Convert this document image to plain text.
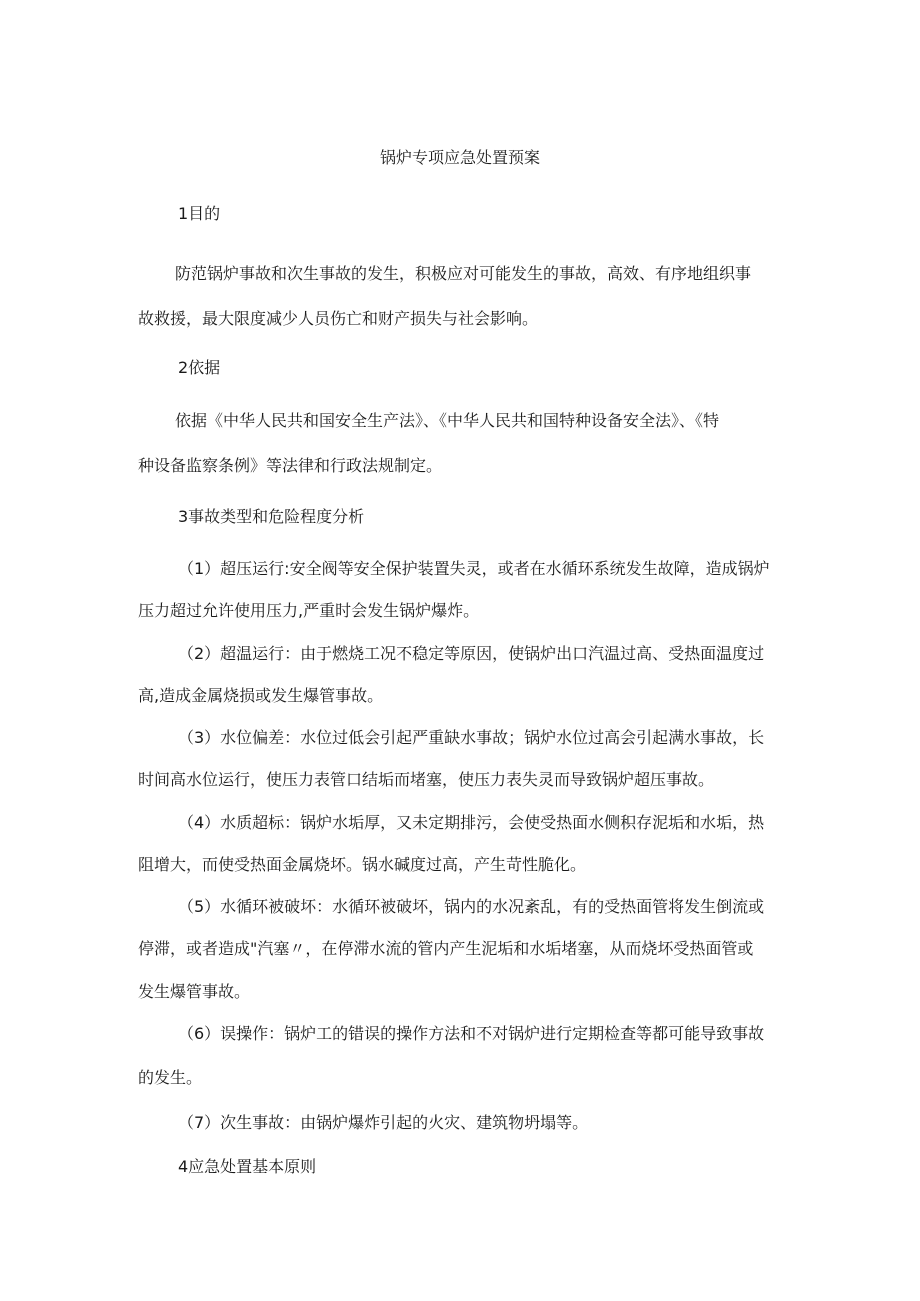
锅炉专项应急处置预案
1目的
防范锅炉事故和次生事故的发生，积极应对可能发生的事故，高效、有序地组织事
故救援，最大限度减少人员伤亡和财产损失与社会影响。
2依据
依据《中华人民共和国安全生产法》、《中华人民共和国特种设备安全法》、《特
种设备监察条例》等法律和行政法规制定。
3事故类型和危险程度分析
（1）超压运行:安全阀等安全保护装置失灵，或者在水循环系统发生故障，造成锅炉
压力超过允许使用压力,严重时会发生锅炉爆炸。
（2）超温运行：由于燃烧工况不稳定等原因，使锅炉出口汽温过高、受热面温度过
高,造成金属烧损或发生爆管事故。
（3）水位偏差：水位过低会引起严重缺水事故；锅炉水位过高会引起满水事故，长
时间高水位运行，使压力表管口结垢而堵塞，使压力表失灵而导致锅炉超压事故。
（4）水质超标：锅炉水垢厚，又未定期排污，会使受热面水侧积存泥垢和水垢，热
阻增大，而使受热面金属烧坏。锅水碱度过高，产生苛性脆化。
（5）水循环被破坏：水循环被破坏，锅内的水况紊乱，有的受热面管将发生倒流或
停滞，或者造成"汽塞〃，在停滞水流的管内产生泥垢和水垢堵塞，从而烧坏受热面管或
发生爆管事故。
（6）误操作：锅炉工的错误的操作方法和不对锅炉进行定期检查等都可能导致事故
的发生。
（7）次生事故：由锅炉爆炸引起的火灾、建筑物坍塌等。
4应急处置基本原则
